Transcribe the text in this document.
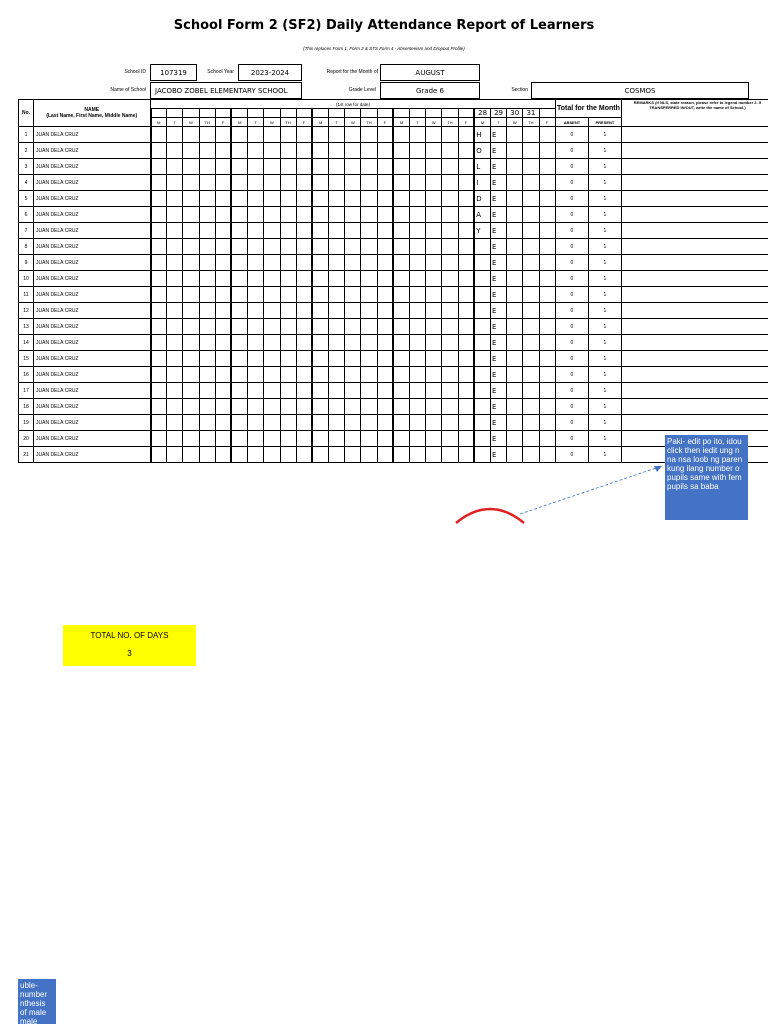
School Form 2 (SF2) Daily Attendance Report of Learners
(This replaces Form 1, Form 2 & STS Form 4 - Absenteeism and Dropout Profile)
School ID	107319	School Year	2023-2024	Report for the Month of	AUGUST
Name of School	JACOBO ZOBEL ELEMENTARY SCHOOL	Grade Level	Grade 6	Section	COSMOS
No.	NAME
(Last Name, First Name, Middle Name)	(1st row for date)																									Total for the Month		REMARKS (If NLS, state reason, please refer to legend number 2. If TRANSFERRED IN/OUT, write the name of School.)
																						28	29	30	31				
		M	T	W	TH	F	M	T	W	TH	F	M	T	W	TH	F	M	T	W	TH	F	M	T	W	TH	F	ABSENT	PRESENT	
1	JUAN DELA CRUZ																					H	E				0	1	
2	JUAN DELA CRUZ																					O	E				0	1	
3	JUAN DELA CRUZ																					L	E				0	1	
4	JUAN DELA CRUZ																					I	E				0	1	
5	JUAN DELA CRUZ																					D	E				0	1	
6	JUAN DELA CRUZ																					A	E				0	1	
7	JUAN DELA CRUZ																					Y	E				0	1	
8	JUAN DELA CRUZ																						E				0	1	
9	JUAN DELA CRUZ																						E				0	1	
10	JUAN DELA CRUZ																						E				0	1	
11	JUAN DELA CRUZ																						E				0	1	
12	JUAN DELA CRUZ																						E				0	1	
13	JUAN DELA CRUZ																						E				0	1	
14	JUAN DELA CRUZ																						E				0	1	
15	JUAN DELA CRUZ																						E				0	1	
16	JUAN DELA CRUZ																						E				0	1	
17	JUAN DELA CRUZ																						E				0	1	
18	JUAN DELA CRUZ																						E				0	1	
19	JUAN DELA CRUZ																						E				0	1	
20	JUAN DELA CRUZ																						E				0	1	
21	JUAN DELA CRUZ																						E				0	1	
Paki- edit po ito, idou click then iedit ung n na nsa loob ng paren kung ilang number o pupils same with fem pupils sa baba
TOTAL NO. OF DAYS
3
uble- number nthesis of male male
